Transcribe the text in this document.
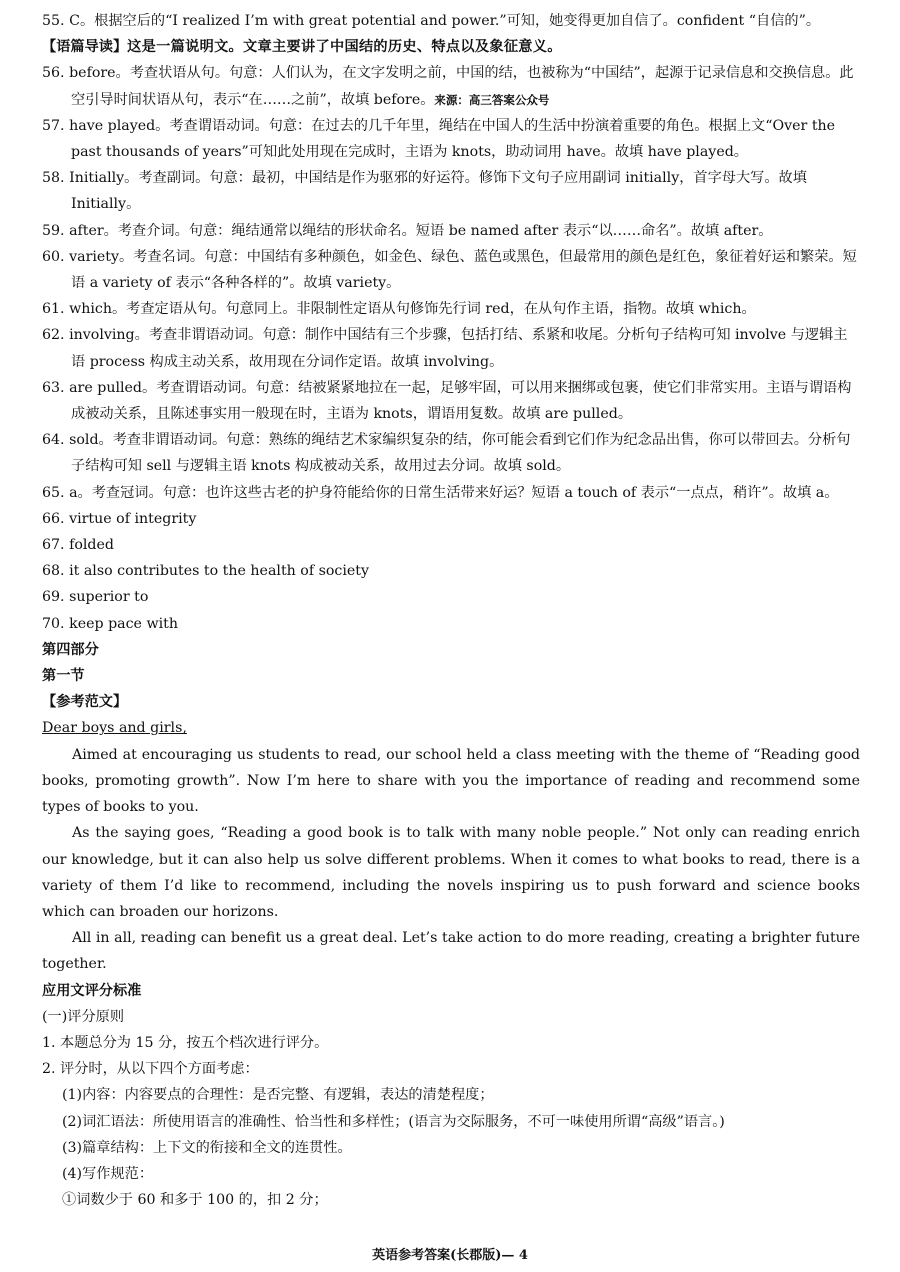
55. C。根据空后的“I realized I’m with great potential and power.”可知，她变得更加自信了。confident “自信的”。
【语篇导读】这是一篇说明文。文章主要讲了中国结的历史、特点以及象征意义。
56. before。考查状语从句。句意：人们认为，在文字发明之前，中国的结，也被称为“中国结”，起源于记录信息和交换信息。此空引导时间状语从句，表示“在……之前”，故填 before。来源：高三答案公众号
57. have played。考查谓语动词。句意：在过去的几千年里，绳结在中国人的生活中扮演着重要的角色。根据上文“Over the past thousands of years”可知此处用现在完成时，主语为 knots，助动词用 have。故填 have played。
58. Initially。考查副词。句意：最初，中国结是作为驱邪的好运符。修饰下文句子应用副词 initially，首字母大写。故填 Initially。
59. after。考查介词。句意：绳结通常以绳结的形状命名。短语 be named after 表示“以……命名”。故填 after。
60. variety。考查名词。句意：中国结有多种颜色，如金色、绿色、蓝色或黑色，但最常用的颜色是红色，象征着好运和繁荣。短语 a variety of 表示“各种各样的”。故填 variety。
61. which。考查定语从句。句意同上。非限制性定语从句修饰先行词 red，在从句作主语，指物。故填 which。
62. involving。考查非谓语动词。句意：制作中国结有三个步骤，包括打结、系紧和收尾。分析句子结构可知 involve 与逻辑主语 process 构成主动关系，故用现在分词作定语。故填 involving。
63. are pulled。考查谓语动词。句意：结被紧紧地拉在一起，足够牢固，可以用来捆绑或包裹，使它们非常实用。主语与谓语构成被动关系，且陈述事实用一般现在时，主语为 knots，谓语用复数。故填 are pulled。
64. sold。考查非谓语动词。句意：熟练的绳结艺术家编织复杂的结，你可能会看到它们作为纪念品出售，你可以带回去。分析句子结构可知 sell 与逻辑主语 knots 构成被动关系，故用过去分词。故填 sold。
65. a。考查冠词。句意：也许这些古老的护身符能给你的日常生活带来好运？短语 a touch of 表示“一点点，稍许”。故填 a。
66. virtue of integrity
67. folded
68. it also contributes to the health of society
69. superior to
70. keep pace with
第四部分
第一节
【参考范文】
Dear boys and girls,
Aimed at encouraging us students to read, our school held a class meeting with the theme of “Reading good books, promoting growth”. Now I’m here to share with you the importance of reading and recommend some types of books to you.
As the saying goes, “Reading a good book is to talk with many noble people.” Not only can reading enrich our knowledge, but it can also help us solve different problems. When it comes to what books to read, there is a variety of them I’d like to recommend, including the novels inspiring us to push forward and science books which can broaden our horizons.
All in all, reading can benefit us a great deal. Let’s take action to do more reading, creating a brighter future together.
应用文评分标准
(一)评分原则
1. 本题总分为 15 分，按五个档次进行评分。
2. 评分时，从以下四个方面考虑：
(1)内容：内容要点的合理性：是否完整、有逻辑，表达的清楚程度；
(2)词汇语法：所使用语言的准确性、恰当性和多样性；(语言为交际服务，不可一味使用所谓“高级”语言。)
(3)篇章结构：上下文的衔接和全文的连贯性。
(4)写作规范：
①词数少于 60 和多于 100 的，扣 2 分；
英语参考答案(长郡版)— 4
